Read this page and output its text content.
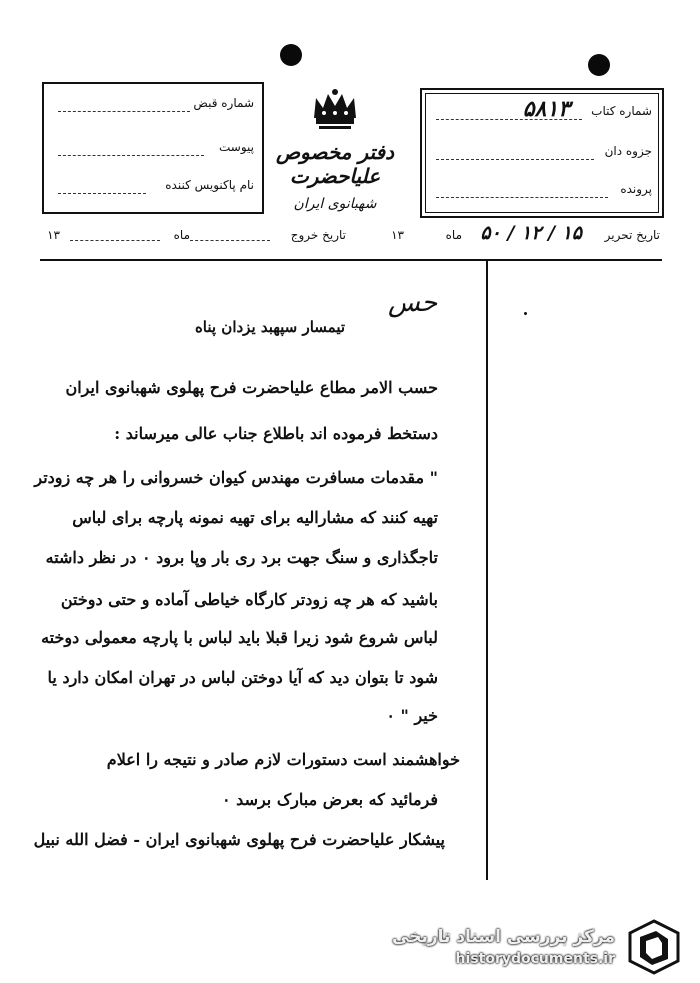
شماره قبض
پیوست
نام پاکنویس کننده
دفتر مخصوص علیاحضرت
شهبانوی ایران
شماره کتاب
۵۸۱۳
جزوه دان
پرونده
تاریخ تحریر
۱۵ / ۱۲ / ۵۰
ماه
۱۳
تاریخ خروج
ماه
۱۳
حس
تیمسار سپهبد یزدان پناه
حسب الامر مطاع علیاحضرت فرح پهلوی شهبانوی ایران
دستخط فرموده اند باطلاع جناب عالی میرساند :
" مقدمات مسافرت مهندس کیوان خسروانی را هر چه زودتر
تهیه کنند که مشارالیه برای تهیه نمونه پارچه برای لباس
تاجگذاری و سنگ جهت برد ری بار وپا برود ٠ در نظر داشته
باشید که هر چه زودتر کارگاه خیاطی آماده و حتی دوختن
لباس شروع شود زیرا قبلا باید لباس با پارچه معمولی دوخته
شود تا بتوان دید که آیا دوختن لباس در تهران امکان دارد یا
خیر " ٠
خواهشمند است دستورات لازم صادر و نتیجه را اعلام
فرمائید که بعرض مبارک برسد ٠
پیشکار علیاحضرت فرح پهلوی شهبانوی ایران - فضل الله نبیل
مرکز بررسی اسناد تاریخی
historydocuments.ir
